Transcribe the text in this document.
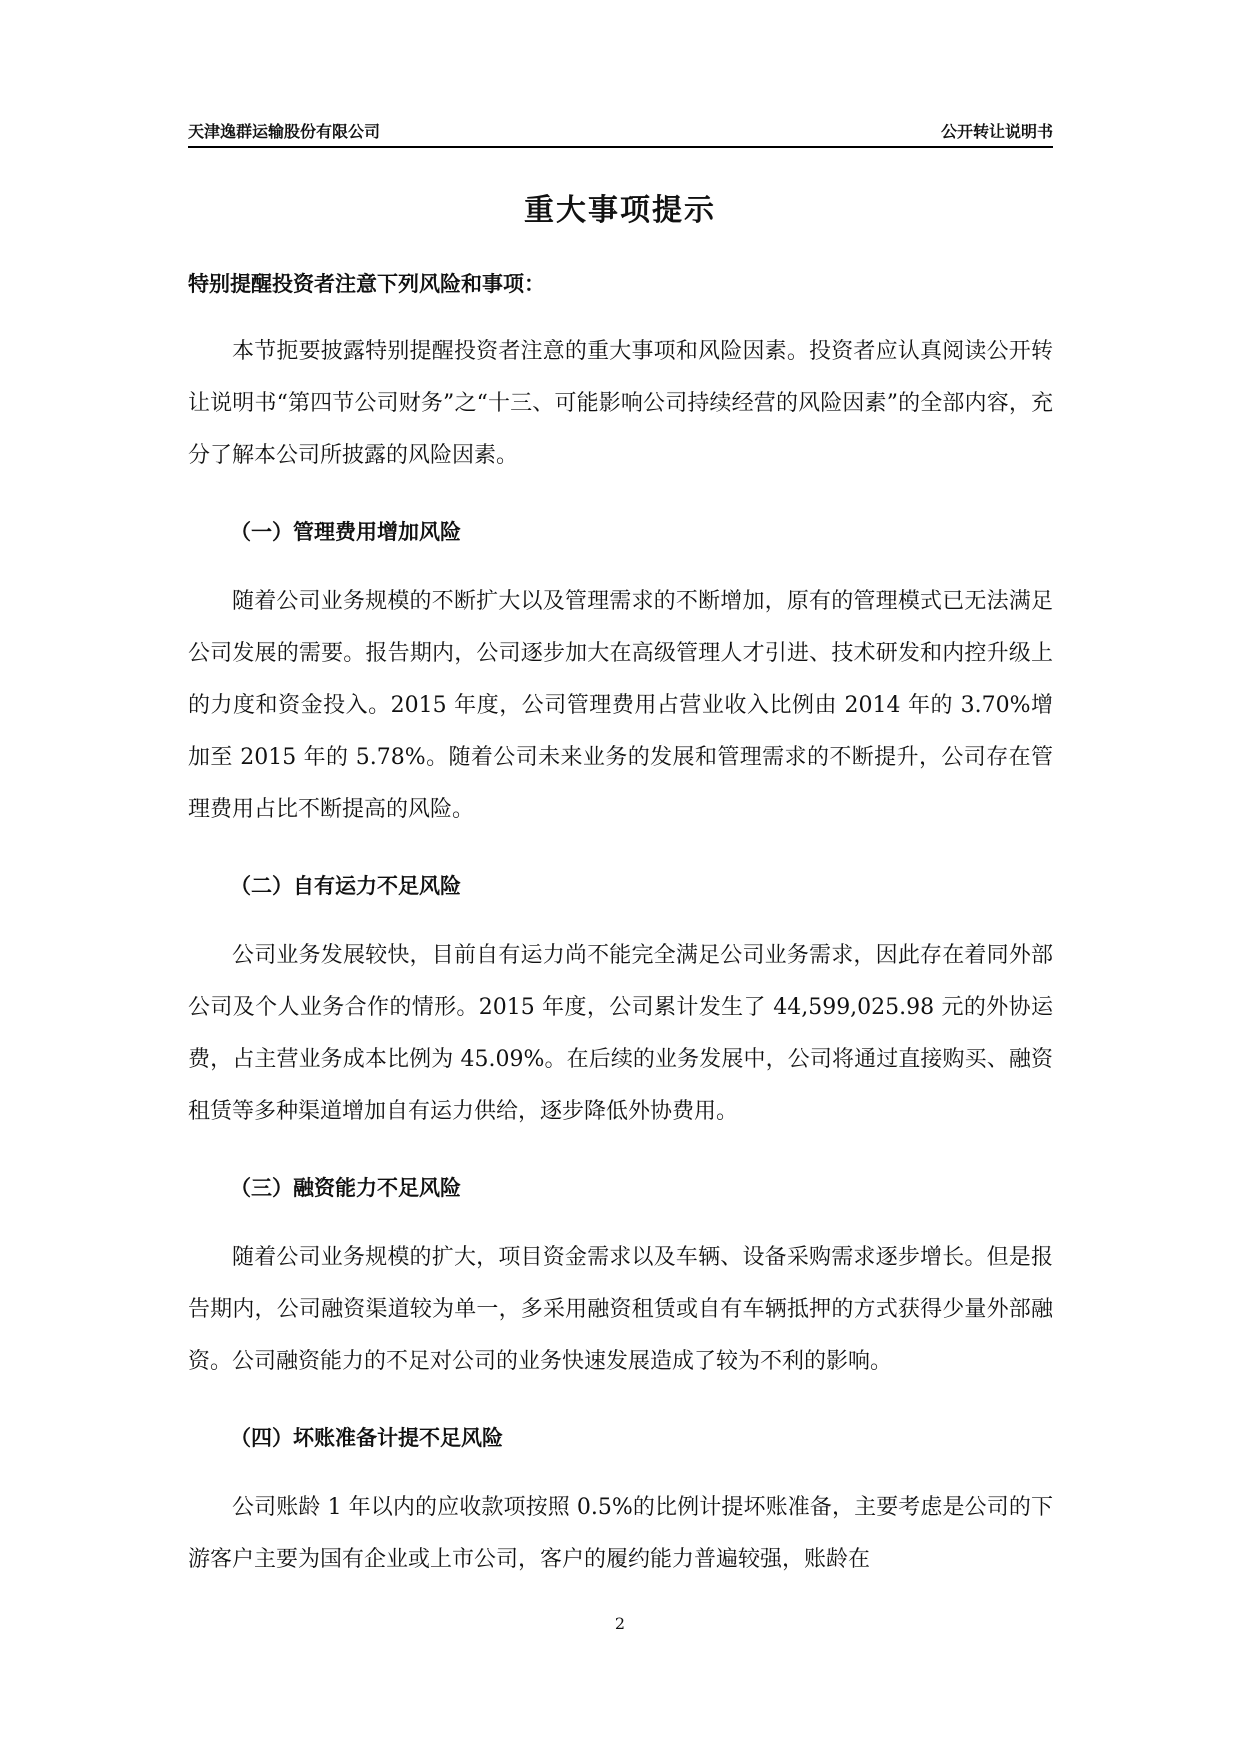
天津逸群运输股份有限公司	公开转让说明书
重大事项提示
特别提醒投资者注意下列风险和事项：

本节扼要披露特别提醒投资者注意的重大事项和风险因素。投资者应认真阅读公开转让说明书“第四节公司财务”之“十三、可能影响公司持续经营的风险因素”的全部内容，充分了解本公司所披露的风险因素。

（一）管理费用增加风险

随着公司业务规模的不断扩大以及管理需求的不断增加，原有的管理模式已无法满足公司发展的需要。报告期内，公司逐步加大在高级管理人才引进、技术研发和内控升级上的力度和资金投入。2015 年度，公司管理费用占营业收入比例由 2014 年的 3.70%增加至 2015 年的 5.78%。随着公司未来业务的发展和管理需求的不断提升，公司存在管理费用占比不断提高的风险。

（二）自有运力不足风险

公司业务发展较快，目前自有运力尚不能完全满足公司业务需求，因此存在着同外部公司及个人业务合作的情形。2015 年度，公司累计发生了 44,599,025.98 元的外协运费，占主营业务成本比例为 45.09%。在后续的业务发展中，公司将通过直接购买、融资租赁等多种渠道增加自有运力供给，逐步降低外协费用。

（三）融资能力不足风险

随着公司业务规模的扩大，项目资金需求以及车辆、设备采购需求逐步增长。但是报告期内，公司融资渠道较为单一，多采用融资租赁或自有车辆抵押的方式获得少量外部融资。公司融资能力的不足对公司的业务快速发展造成了较为不利的影响。

（四）坏账准备计提不足风险

公司账龄 1 年以内的应收款项按照 0.5%的比例计提坏账准备，主要考虑是公司的下游客户主要为国有企业或上市公司，客户的履约能力普遍较强，账龄在

2
